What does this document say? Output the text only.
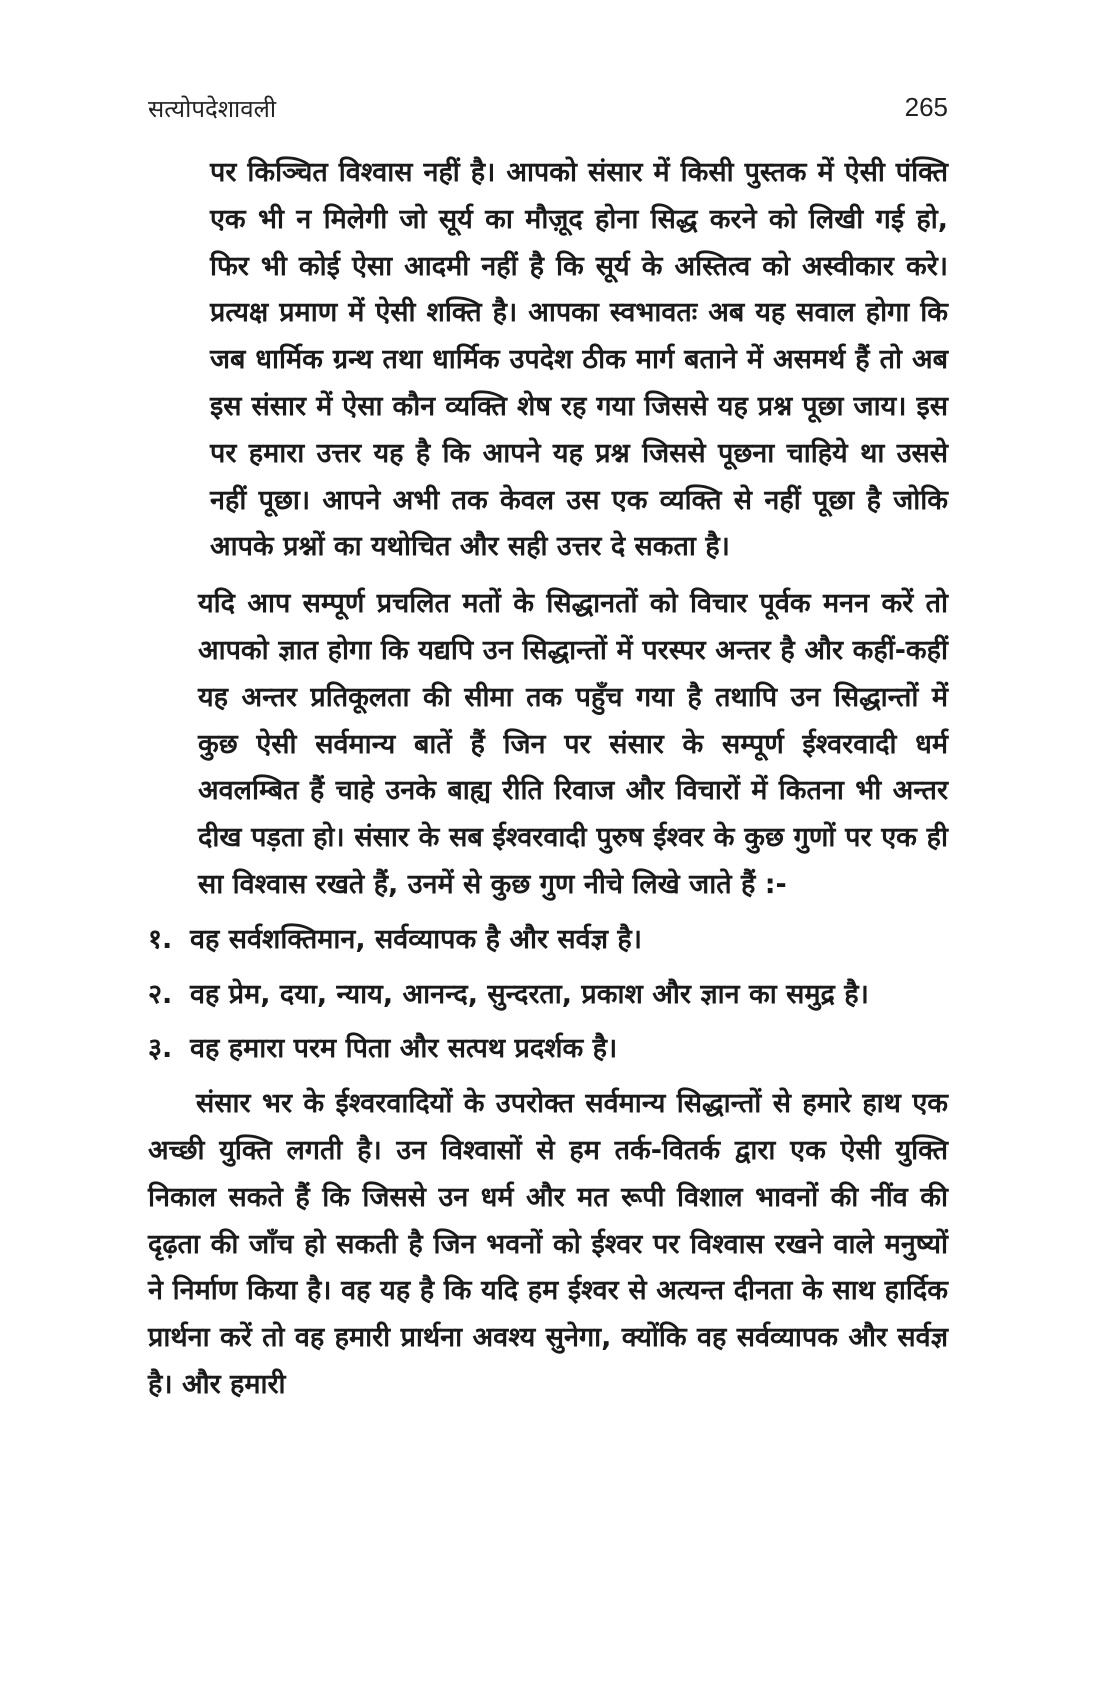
सत्योपदेशावली	265

पर किञ्चित विश्वास नहीं है। आपको संसार में किसी पुस्तक में ऐसी पंक्ति एक भी न मिलेगी जो सूर्य का मौज़ूद होना सिद्ध करने को लिखी गई हो, फिर भी कोई ऐसा आदमी नहीं है कि सूर्य के अस्तित्व को अस्वीकार करे। प्रत्यक्ष प्रमाण में ऐसी शक्ति है। आपका स्वभावतः अब यह सवाल होगा कि जब धार्मिक ग्रन्थ तथा धार्मिक उपदेश ठीक मार्ग बताने में असमर्थ हैं तो अब इस संसार में ऐसा कौन व्यक्ति शेष रह गया जिससे यह प्रश्न पूछा जाय। इस पर हमारा उत्तर यह है कि आपने यह प्रश्न जिससे पूछना चाहिये था उससे नहीं पूछा। आपने अभी तक केवल उस एक व्यक्ति से नहीं पूछा है जोकि आपके प्रश्नों का यथोचित और सही उत्तर दे सकता है।

यदि आप सम्पूर्ण प्रचलित मतों के सिद्धानतों को विचार पूर्वक मनन करें तो आपको ज्ञात होगा कि यद्यपि उन सिद्धान्तों में परस्पर अन्तर है और कहीं-कहीं यह अन्तर प्रतिकूलता की सीमा तक पहुँच गया है तथापि उन सिद्धान्तों में कुछ ऐसी सर्वमान्य बातें हैं जिन पर संसार के सम्पूर्ण ईश्वरवादी धर्म अवलम्बित हैं चाहे उनके बाह्य रीति रिवाज और विचारों में कितना भी अन्तर दीख पड़ता हो। संसार के सब ईश्वरवादी पुरुष ईश्वर के कुछ गुणों पर एक ही सा विश्वास रखते हैं, उनमें से कुछ गुण नीचे लिखे जाते हैं :-

१. वह सर्वशक्तिमान, सर्वव्यापक है और सर्वज्ञ है।
२. वह प्रेम, दया, न्याय, आनन्द, सुन्दरता, प्रकाश और ज्ञान का समुद्र है।
३. वह हमारा परम पिता और सत्पथ प्रदर्शक है।

संसार भर के ईश्वरवादियों के उपरोक्त सर्वमान्य सिद्धान्तों से हमारे हाथ एक अच्छी युक्ति लगती है। उन विश्वासों से हम तर्क-वितर्क द्वारा एक ऐसी युक्ति निकाल सकते हैं कि जिससे उन धर्म और मत रूपी विशाल भावनों की नींव की दृढ़ता की जाँच हो सकती है जिन भवनों को ईश्वर पर विश्वास रखने वाले मनुष्यों ने निर्माण किया है। वह यह है कि यदि हम ईश्वर से अत्यन्त दीनता के साथ हार्दिक प्रार्थना करें तो वह हमारी प्रार्थना अवश्य सुनेगा, क्योंकि वह सर्वव्यापक और सर्वज्ञ है। और हमारी
